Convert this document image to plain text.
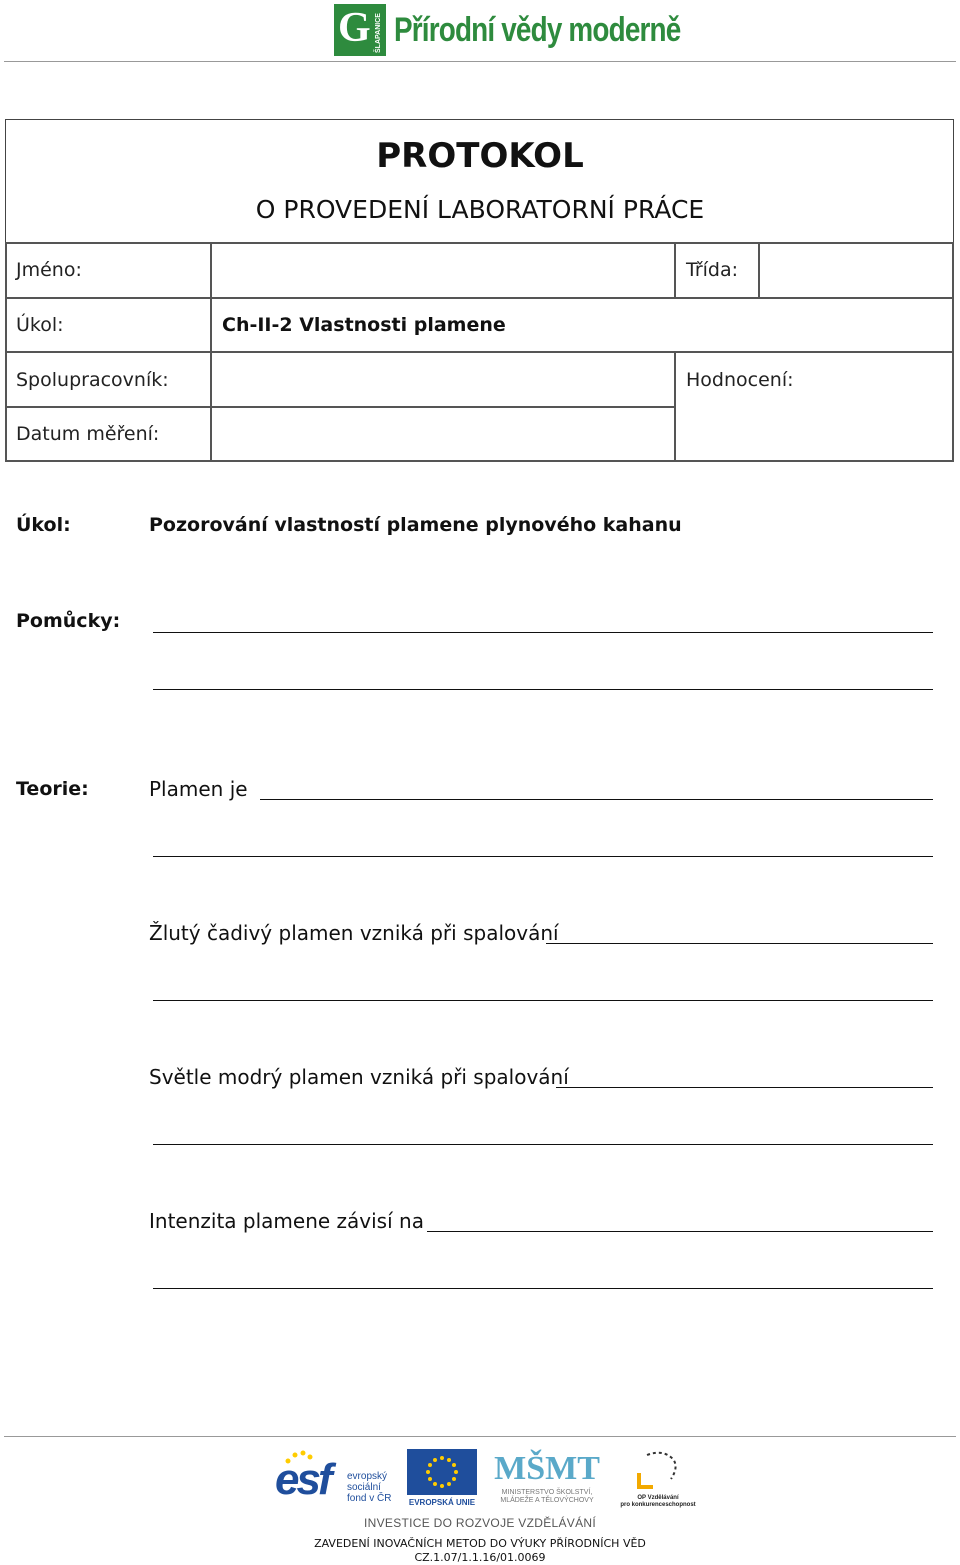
G ŠLAPANICE Přírodní vědy moderně
PROTOKOL
O PROVEDENÍ LABORATORNÍ PRÁCE
Jméno:	Třída:
Úkol:	Ch-II-2 Vlastnosti plamene
Spolupracovník:	Hodnocení:
Datum měření:
Úkol:	Pozorování vlastností plamene plynového kahanu
Pomůcky:
Teorie:	Plamen je
Žlutý čadivý plamen vzniká při spalování
Světle modrý plamen vzniká při spalování
Intenzita plamene závisí na
esf evropský
sociální
fond v ČR EVROPSKÁ UNIE
MŠMT
MINISTERSTVO ŠKOLSTVÍ,
MLÁDEŽE A TĚLOVÝCHOVY	OP Vzdělávání
pro konkurenceschopnost
INVESTICE DO ROZVOJE VZDĚLÁVÁNÍ
ZAVEDENÍ INOVAČNÍCH METOD DO VÝUKY PŘÍRODNÍCH VĚD
CZ.1.07/1.1.16/01.0069
